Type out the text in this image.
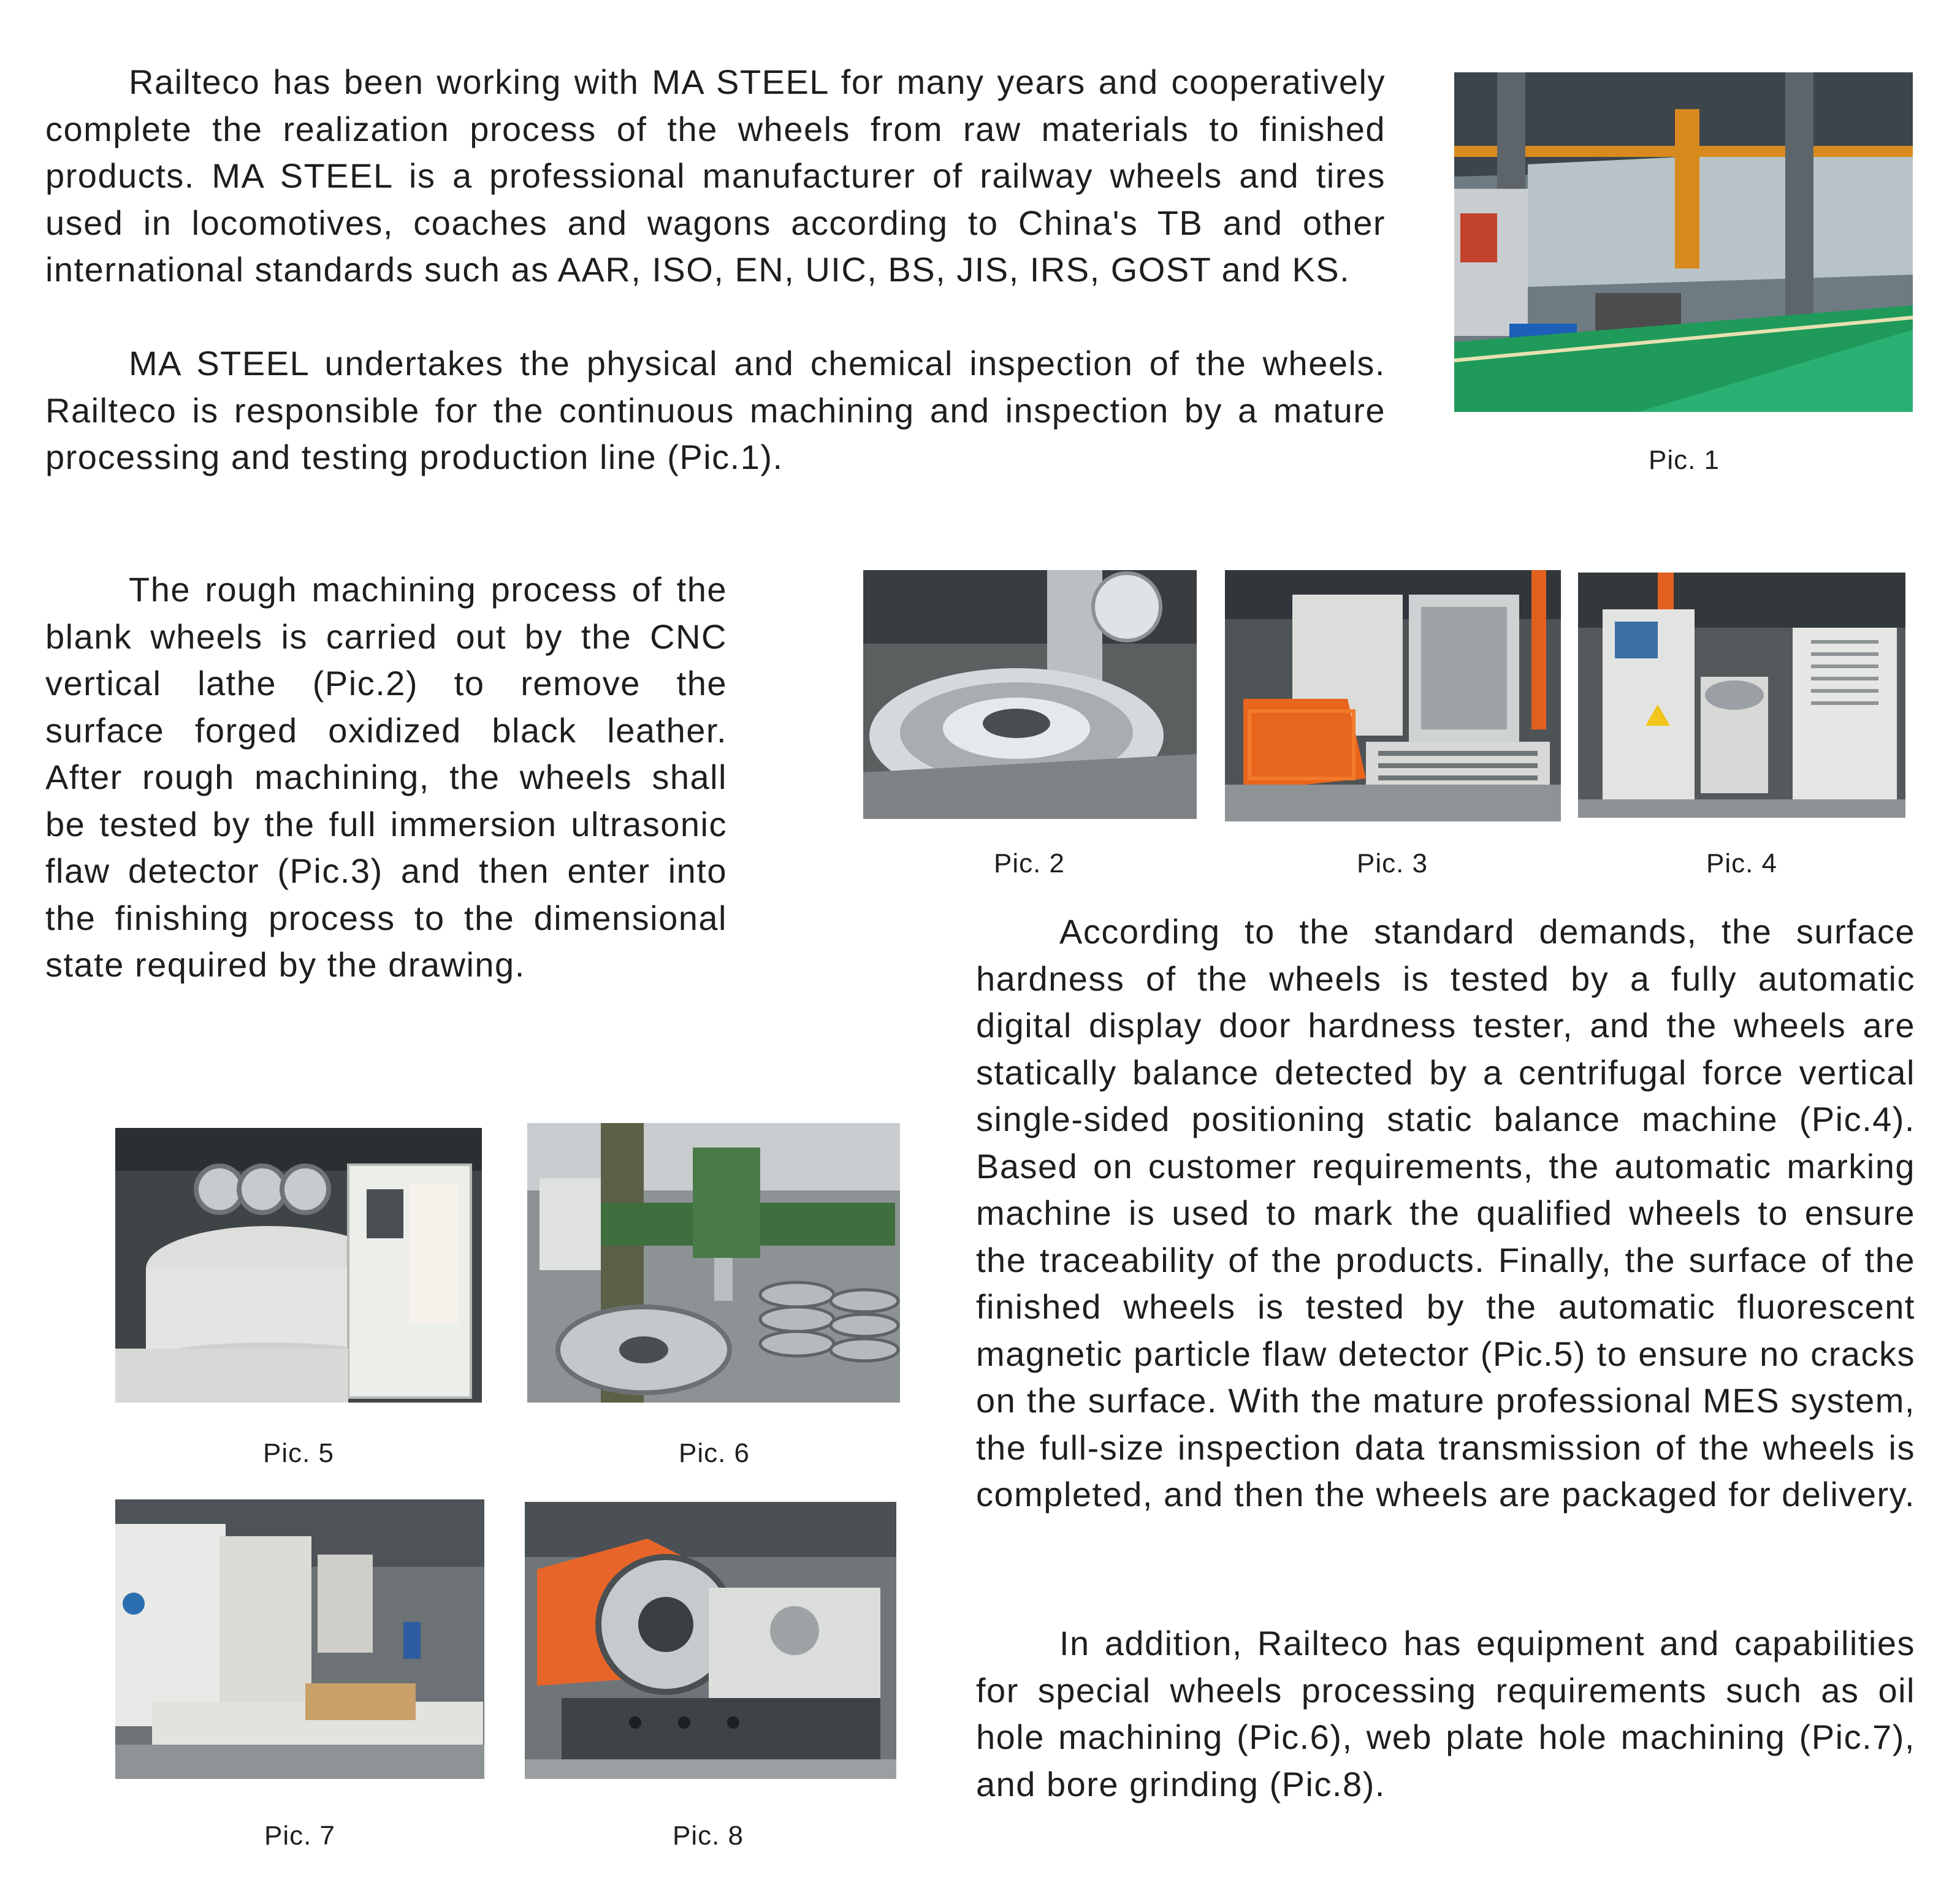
Railteco has been working with MA STEEL for many years and cooperatively complete the realization process of the wheels from raw materials to finished products. MA STEEL is a professional manufacturer of railway wheels and tires used in locomotives, coaches and wagons according to China's TB and other international standards such as AAR, ISO, EN, UIC, BS, JIS, IRS, GOST and KS.

MA STEEL undertakes the physical and chemical inspection of the wheels. Railteco is responsible for the continuous machining and inspection by a mature processing and testing production line (Pic.1).	Pic. 1

The rough machining process of the blank wheels is carried out by the CNC vertical lathe (Pic.2) to remove the surface forged oxidized black leather. After rough machining, the wheels shall be tested by the full immersion ultrasonic flaw detector (Pic.3) and then enter into the finishing process to the dimensional state required by the drawing.

Pic. 2	Pic. 3	Pic. 4

According to the standard demands, the surface hardness of the wheels is tested by a fully automatic digital display door hardness tester, and the wheels are statically balance detected by a centrifugal force vertical single-sided positioning static balance machine (Pic.4). Based on customer requirements, the automatic marking machine is used to mark the qualified wheels to ensure the traceability of the products. Finally, the surface of the finished wheels is tested by the automatic fluorescent magnetic particle flaw detector (Pic.5) to ensure no cracks on the surface. With the mature professional MES system, the full-size inspection data transmission of the wheels is completed, and then the wheels are packaged for delivery.

In addition, Railteco has equipment and capabilities for special wheels processing requirements such as oil hole machining (Pic.6), web plate hole machining (Pic.7), and bore grinding (Pic.8).

Pic. 5	Pic. 6
Pic. 7	Pic. 8
